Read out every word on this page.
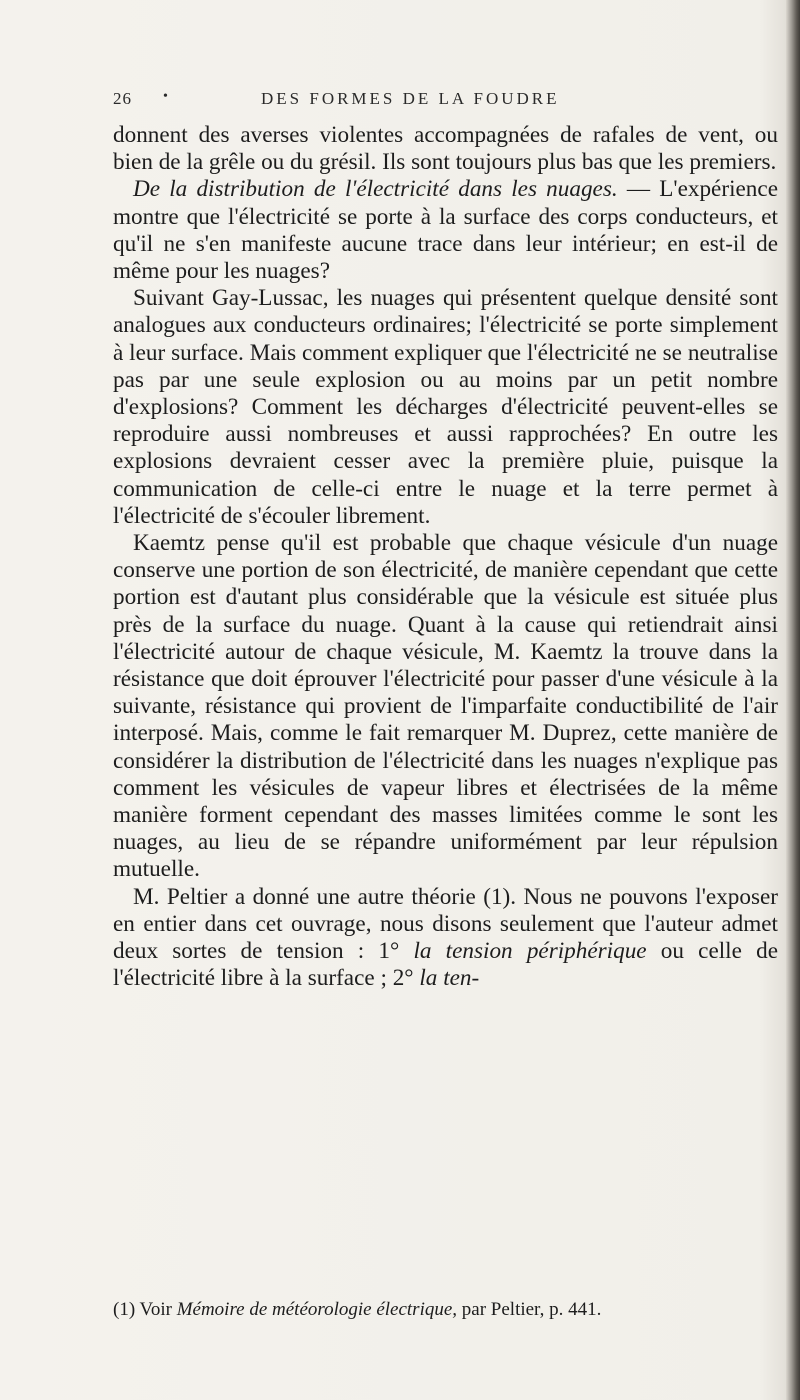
26 •	DES FORMES DE LA FOUDRE

donnent des averses violentes accompagnées de rafales de vent, ou bien de la grêle ou du grésil. Ils sont toujours plus bas que les premiers.

De la distribution de l'électricité dans les nuages. — L'expérience montre que l'électricité se porte à la surface des corps conducteurs, et qu'il ne s'en manifeste aucune trace dans leur intérieur; en est-il de même pour les nuages?

Suivant Gay-Lussac, les nuages qui présentent quelque densité sont analogues aux conducteurs ordinaires; l'électricité se porte simplement à leur surface. Mais comment expliquer que l'électricité ne se neutralise pas par une seule explosion ou au moins par un petit nombre d'explosions? Comment les décharges d'électricité peuvent-elles se reproduire aussi nombreuses et aussi rapprochées? En outre les explosions devraient cesser avec la première pluie, puisque la communication de celle-ci entre le nuage et la terre permet à l'électricité de s'écouler librement.

Kaemtz pense qu'il est probable que chaque vésicule d'un nuage conserve une portion de son électricité, de manière cependant que cette portion est d'autant plus considérable que la vésicule est située plus près de la surface du nuage. Quant à la cause qui retiendrait ainsi l'électricité autour de chaque vésicule, M. Kaemtz la trouve dans la résistance que doit éprouver l'électricité pour passer d'une vésicule à la suivante, résistance qui provient de l'imparfaite conductibilité de l'air interposé. Mais, comme le fait remarquer M. Duprez, cette manière de considérer la distribution de l'électricité dans les nuages n'explique pas comment les vésicules de vapeur libres et électrisées de la même manière forment cependant des masses limitées comme le sont les nuages, au lieu de se répandre uniformément par leur répulsion mutuelle.

M. Peltier a donné une autre théorie (1). Nous ne pouvons l'exposer en entier dans cet ouvrage, nous disons seulement que l'auteur admet deux sortes de tension : 1° la tension périphérique ou celle de l'électricité libre à la surface ; 2° la ten-

(1) Voir Mémoire de météorologie électrique, par Peltier, p. 441.
